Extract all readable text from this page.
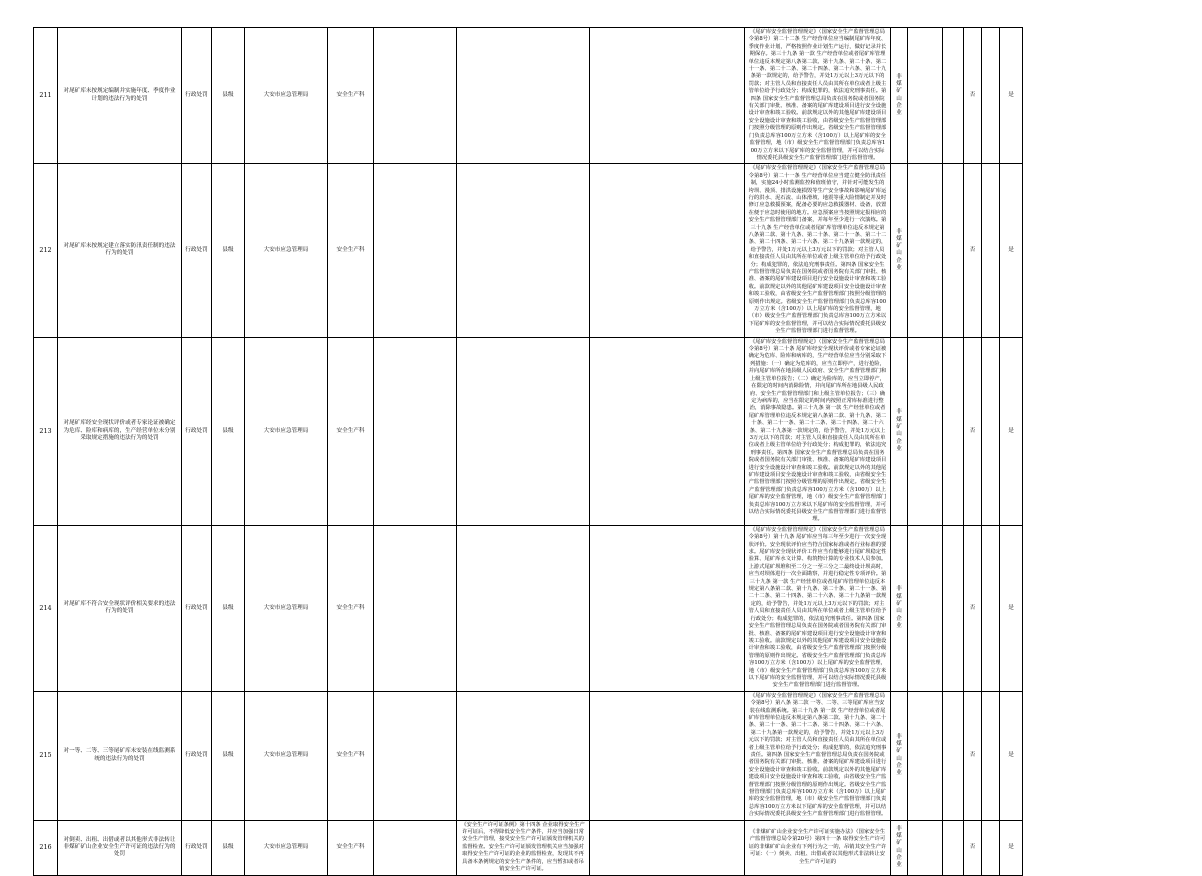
211	对尾矿库未按规定编制并实施年度、季度作业计划的违法行为的处罚	行政处罚	县级	大安市应急管理局	安全生产科				《尾矿库安全监督管理规定》（国家安全生产监督管理总局令第8号）第二十二条 生产经营单位应当编制尾矿库年度、季度作业计划，严格按照作业计划生产运行，做好记录并长期保存。第三十九条 第一款 生产经营单位或者尾矿库管理单位违反本规定第八条第二款、第十九条、第二十条、第二十一条、第二十二条、第二十四条、第二十六条、第二十九条第一款规定的，给予警告，并处1万元以上3万元以下的罚款；对主管人员和直接责任人员由其所在单位或者上级主管单位给予行政处分；构成犯罪的，依法追究刑事责任。第四条 国家安全生产监督管理总局负责在国务院或者国务院有关部门审批、核准、备案的尾矿库建设项目进行安全设施设计审查和竣工验收。前款规定以外的其他尾矿库建设项目安全设施设计审查和竣工验收，由省级安全生产监督管理部门按照分级管理的原则作出规定。省级安全生产监督管理部门负责总库容100万立方米（含100万）以上尾矿库的安全监督管理，地（市）级安全生产监督管理部门负责总库容100万立方米以下尾矿库的安全监督管理，并可以结合实际情况委托县级安全生产监督管理部门进行监督管理。	非煤矿山企业			否		是
212	对尾矿库未按规定建立落实防汛责任制的违法行为的处罚	行政处罚	县级	大安市应急管理局	安全生产科				《尾矿库安全监督管理规定》（国家安全生产监督管理总局令第8号）第二十一条 生产经营单位应当建立健全防汛责任制，实施24小时监测监控和值班值守，并针对可能发生的垮坝、漫顶、排洪设施损毁等生产安全事故和影响尾矿库运行的洪水、泥石流、山体滑坡、地震等重大险情制定并及时修订应急救援预案，配备必要的应急救援器材、设备，放置在便于应急时使用的地方。应急预案应当按照规定报相应的安全生产监督管理部门备案，并每年至少进行一次演练。第三十九条 生产经营单位或者尾矿库管理单位违反本规定第八条第二款、第十九条、第二十条、第二十一条、第二十二条、第二十四条、第二十六条、第二十九条第一款规定的，给予警告，并处1万元以上3万元以下的罚款；对主管人员和直接责任人员由其所在单位或者上级主管单位给予行政处分；构成犯罪的，依法追究刑事责任。第四条 国家安全生产监督管理总局负责在国务院或者国务院有关部门审批、核准、备案的尾矿库建设项目进行安全设施设计审查和竣工验收。前款规定以外的其他尾矿库建设项目安全设施设计审查和竣工验收，由省级安全生产监督管理部门按照分级管理的原则作出规定。省级安全生产监督管理部门负责总库容100万立方米（含100万）以上尾矿库的安全监督管理，地（市）级安全生产监督管理部门负责总库容100万立方米以下尾矿库的安全监督管理，并可以结合实际情况委托县级安全生产监督管理部门进行监督管理。	非煤矿山企业			否		是
213	对尾矿库经安全现状评价或者专家论证被确定为危库、险库和病库的，生产经营单位未分别采取规定措施的违法行为的处罚	行政处罚	县级	大安市应急管理局	安全生产科				《尾矿库安全监督管理规定》（国家安全生产监督管理总局令第8号）第二十条 尾矿库经安全现状评价或者专家论证被确定为危库、险库和病库的，生产经营单位应当分别采取下列措施：（一）确定为危库的，应当立即停产，进行抢险，并向尾矿库所在地县级人民政府、安全生产监督管理部门和上级主管单位报告；（二）确定为险库的，应当立即停产，在限定的时间内消除险情，并向尾矿库所在地县级人民政府、安全生产监督管理部门和上级主管单位报告；（三）确定为病库的，应当在限定的时间内按照正常库标准进行整治，消除事故隐患。第三十九条 第一款 生产经营单位或者尾矿库管理单位违反本规定第八条第二款、第十九条、第二十条、第二十一条、第二十二条、第二十四条、第二十六条、第二十九条第一款规定的，给予警告，并处1万元以上3万元以下的罚款；对主管人员和直接责任人员由其所在单位或者上级主管单位给予行政处分；构成犯罪的，依法追究刑事责任。第四条 国家安全生产监督管理总局负责在国务院或者国务院有关部门审批、核准、备案的尾矿库建设项目进行安全设施设计审查和竣工验收。前款规定以外的其他尾矿库建设项目安全设施设计审查和竣工验收，由省级安全生产监督管理部门按照分级管理的原则作出规定。省级安全生产监督管理部门负责总库容100万立方米（含100万）以上尾矿库的安全监督管理，地（市）级安全生产监督管理部门负责总库容100万立方米以下尾矿库的安全监督管理，并可以结合实际情况委托县级安全生产监督管理部门进行监督管理。	非煤矿山企业			否		是
214	对尾矿库不符合安全现状评价相关要求的违法行为的处罚	行政处罚	县级	大安市应急管理局	安全生产科				《尾矿库安全监督管理规定》（国家安全生产监督管理总局令第8号）第十九条 尾矿库应当每三年至少进行一次安全现状评价。安全现状评价应当符合国家标准或者行业标准的要求。尾矿库安全现状评价工作应当有能够进行尾矿坝稳定性验算、尾矿库水文计算、构筑物计算的专业技术人员参加。上游式尾矿坝堆积至二分之一至三分之二最终设计坝高时，应当对坝体进行一次全面勘察，并进行稳定性专项评价。第三十九条 第一款 生产经营单位或者尾矿库管理单位违反本规定第八条第二款、第十九条、第二十条、第二十一条、第二十二条、第二十四条、第二十六条、第二十九条第一款规定的，给予警告，并处1万元以上3万元以下的罚款；对主管人员和直接责任人员由其所在单位或者上级主管单位给予行政处分；构成犯罪的，依法追究刑事责任。第四条 国家安全生产监督管理总局负责在国务院或者国务院有关部门审批、核准、备案的尾矿库建设项目进行安全设施设计审查和竣工验收。前款规定以外的其他尾矿库建设项目安全设施设计审查和竣工验收，由省级安全生产监督管理部门按照分级管理的原则作出规定。省级安全生产监督管理部门负责总库容100万立方米（含100万）以上尾矿库的安全监督管理，地（市）级安全生产监督管理部门负责总库容100万立方米以下尾矿库的安全监督管理，并可以结合实际情况委托县级安全生产监督管理部门进行监督管理。	非煤矿山企业			否		是
215	对一等、二等、三等尾矿库未安装在线监测系统的违法行为的处罚	行政处罚	县级	大安市应急管理局	安全生产科				《尾矿库安全监督管理规定》（国家安全生产监督管理总局令第8号）第八条 第二款 一等、二等、三等尾矿库应当安装在线监测系统。第三十九条 第一款 生产经营单位或者尾矿库管理单位违反本规定第八条第二款、第十九条、第二十条、第二十一条、第二十二条、第二十四条、第二十六条、第二十九条第一款规定的，给予警告，并处1万元以上3万元以下的罚款；对主管人员和直接责任人员由其所在单位或者上级主管单位给予行政处分；构成犯罪的，依法追究刑事责任。第四条 国家安全生产监督管理总局负责在国务院或者国务院有关部门审批、核准、备案的尾矿库建设项目进行安全设施设计审查和竣工验收。前款规定以外的其他尾矿库建设项目安全设施设计审查和竣工验收，由省级安全生产监督管理部门按照分级管理的原则作出规定。省级安全生产监督管理部门负责总库容100万立方米（含100万）以上尾矿库的安全监督管理，地（市）级安全生产监督管理部门负责总库容100万立方米以下尾矿库的安全监督管理，并可以结合实际情况委托县级安全生产监督管理部门进行监督管理。	非煤矿山企业			否		是
216	对倒卖、出租、出借或者以其他形式非法转让非煤矿矿山企业安全生产许可证的违法行为的处罚	行政处罚	县级	大安市应急管理局	安全生产科		《安全生产许可证条例》第十四条 企业取得安全生产许可证后，不得降低安全生产条件，并应当加强日常安全生产管理，接受安全生产许可证颁发管理机关的监督检查。安全生产许可证颁发管理机关应当加强对取得安全生产许可证的企业的监督检查，发现其不再具备本条例规定的安全生产条件的，应当暂扣或者吊销安全生产许可证。		《非煤矿矿山企业安全生产许可证实施办法》（国家安全生产监督管理总局令第20号）第四十一条 取得安全生产许可证的非煤矿矿山企业有下列行为之一的，吊销其安全生产许可证：（一）倒卖、出租、出借或者以其他形式非法转让安全生产许可证的	非煤矿山企业			否		是
